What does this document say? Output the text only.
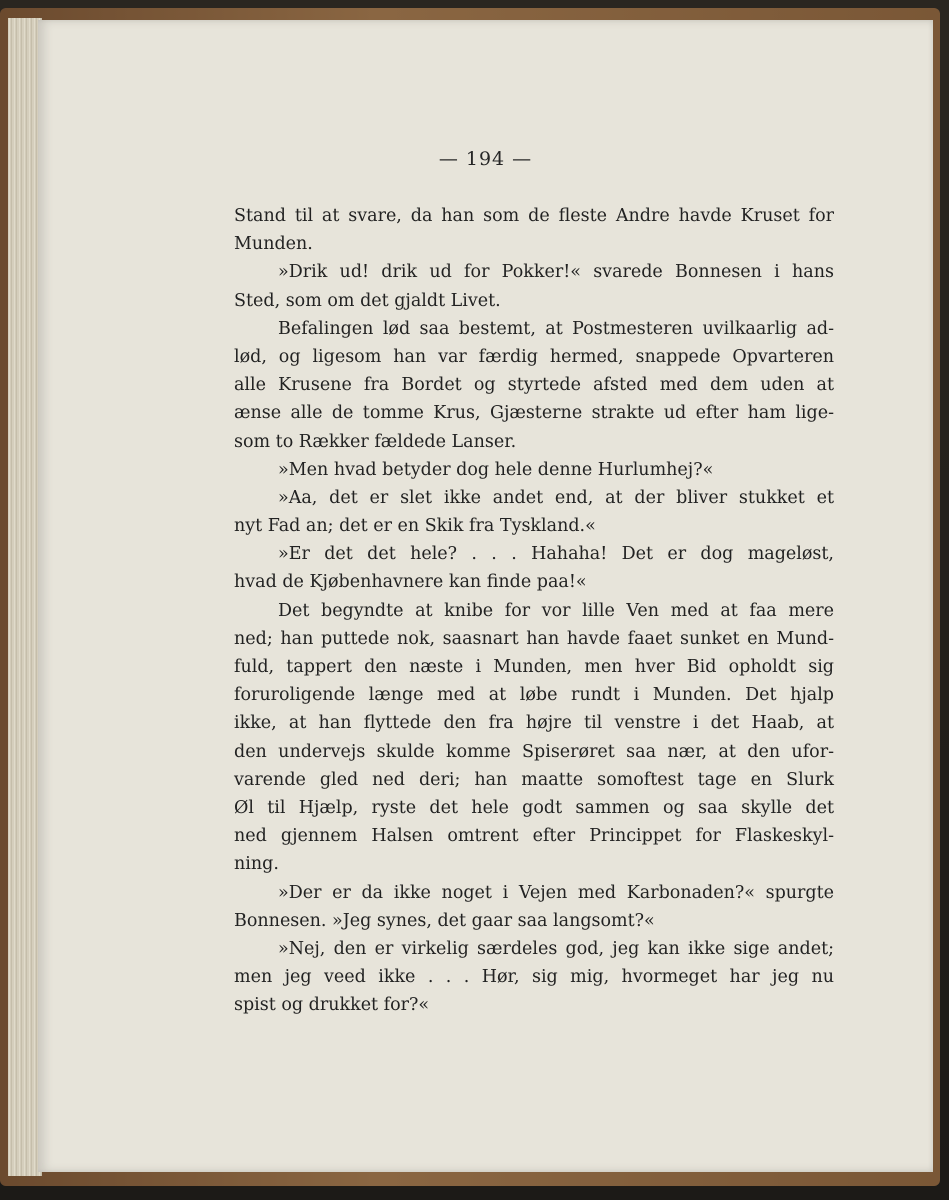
— 194 —
Stand til at svare, da han som de fleste Andre havde Kruset for
Munden.
»Drik ud! drik ud for Pokker!« svarede Bonnesen i hans
Sted, som om det gjaldt Livet.
Befalingen lød saa bestemt, at Postmesteren uvilkaarlig ad-
lød, og ligesom han var færdig hermed, snappede Opvarteren
alle Krusene fra Bordet og styrtede afsted med dem uden at
ænse alle de tomme Krus, Gjæsterne strakte ud efter ham lige-
som to Rækker fældede Lanser.
»Men hvad betyder dog hele denne Hurlumhej?«
»Aa, det er slet ikke andet end, at der bliver stukket et
nyt Fad an; det er en Skik fra Tyskland.«
»Er det det hele? . . . Hahaha! Det er dog mageløst,
hvad de Kjøbenhavnere kan finde paa!«
Det begyndte at knibe for vor lille Ven med at faa mere
ned; han puttede nok, saasnart han havde faaet sunket en Mund-
fuld, tappert den næste i Munden, men hver Bid opholdt sig
foruroligende længe med at løbe rundt i Munden. Det hjalp
ikke, at han flyttede den fra højre til venstre i det Haab, at
den undervejs skulde komme Spiserøret saa nær, at den ufor-
varende gled ned deri; han maatte somoftest tage en Slurk
Øl til Hjælp, ryste det hele godt sammen og saa skylle det
ned gjennem Halsen omtrent efter Princippet for Flaskeskyl-
ning.
»Der er da ikke noget i Vejen med Karbonaden?« spurgte
Bonnesen. »Jeg synes, det gaar saa langsomt?«
»Nej, den er virkelig særdeles god, jeg kan ikke sige andet;
men jeg veed ikke . . . Hør, sig mig, hvormeget har jeg nu
spist og drukket for?«
